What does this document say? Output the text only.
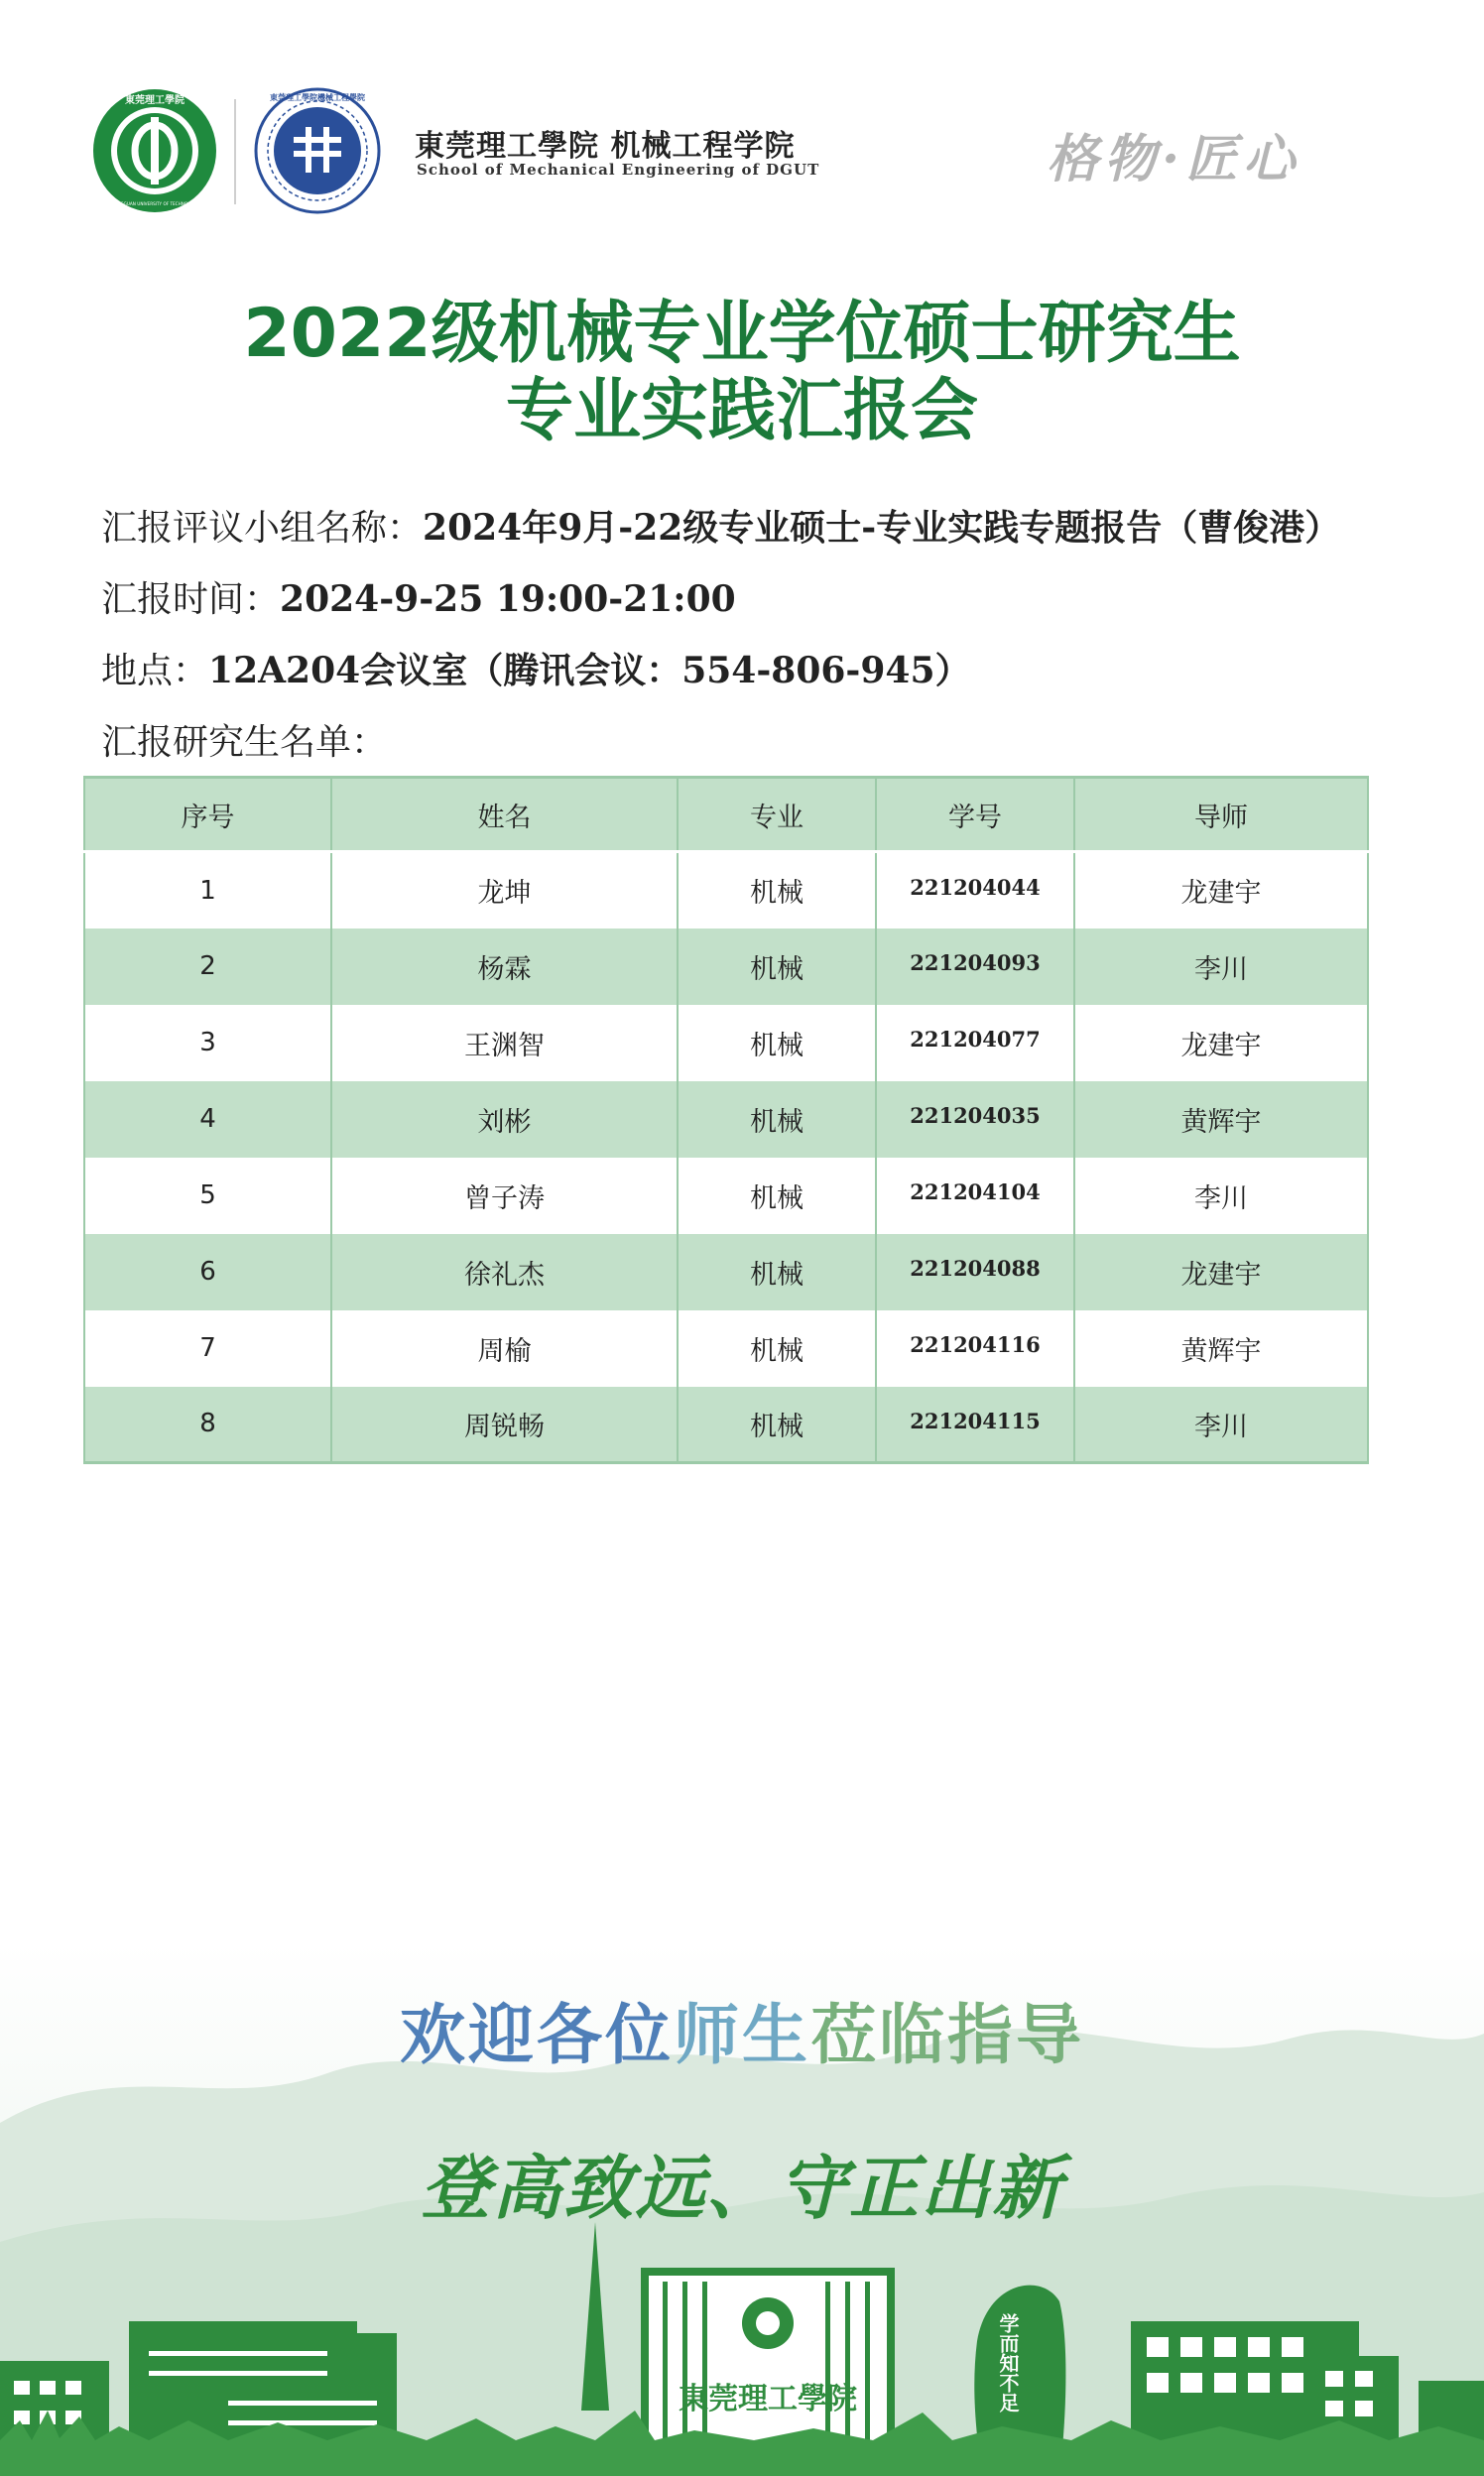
東莞理工學院
DONGGUAN UNIVERSITY OF TECHNOLOGY
東莞理工學院機械工程學院
東莞理工學院 机械工程学院
School of Mechanical Engineering of DGUT	格物·匠心
2022级机械专业学位硕士研究生
专业实践汇报会
汇报评议小组名称：2024年9月-22级专业硕士-专业实践专题报告（曹俊港）
汇报时间：2024-9-25 19:00-21:00
地点：12A204会议室（腾讯会议：554-806-945）
汇报研究生名单：
序号	姓名	专业	学号	导师
1	龙坤	机械	221204044	龙建宇
2	杨霖	机械	221204093	李川
3	王渊智	机械	221204077	龙建宇
4	刘彬	机械	221204035	黄辉宇
5	曾子涛	机械	221204104	李川
6	徐礼杰	机械	221204088	龙建宇
7	周榆	机械	221204116	黄辉宇
8	周锐畅	机械	221204115	李川
東莞理工學院	学而知不足
欢迎各位师生莅临指导
登高致远、守正出新
